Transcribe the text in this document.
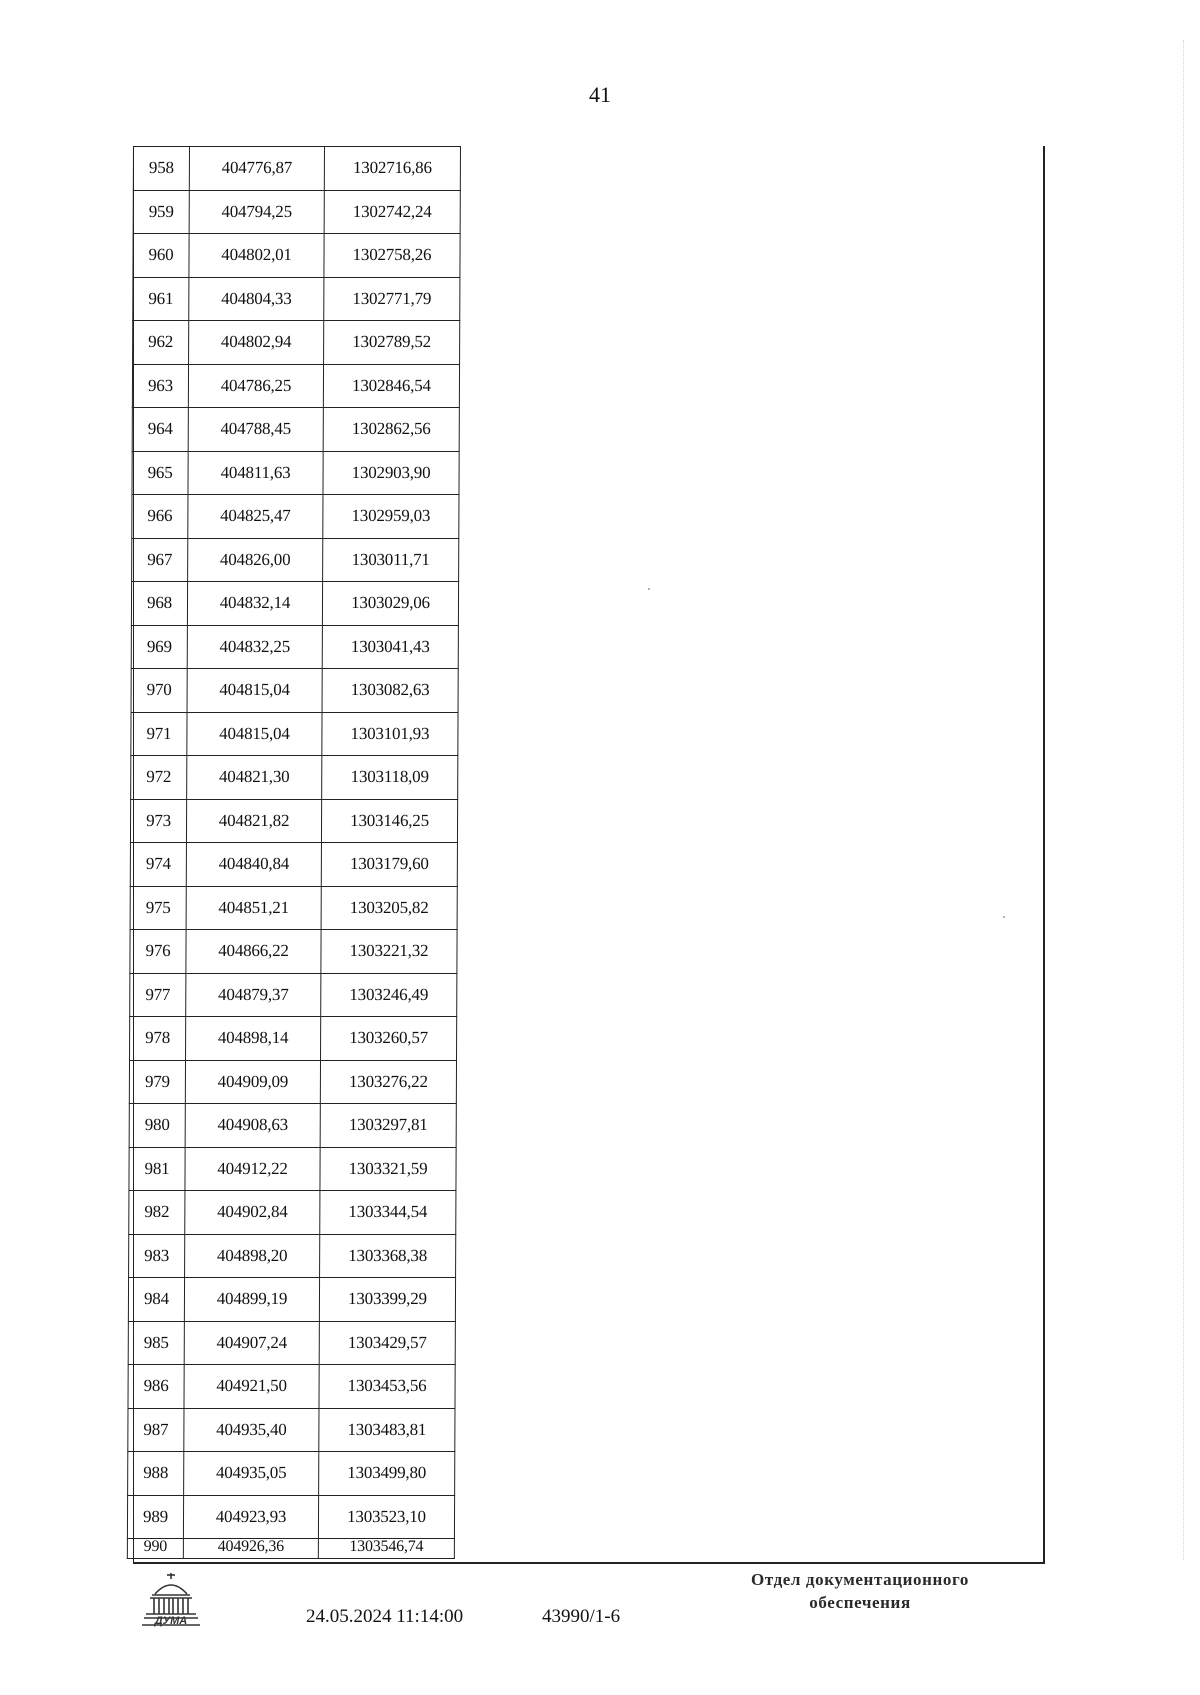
41
958	404776,87	1302716,86
959	404794,25	1302742,24
960	404802,01	1302758,26
961	404804,33	1302771,79
962	404802,94	1302789,52
963	404786,25	1302846,54
964	404788,45	1302862,56
965	404811,63	1302903,90
966	404825,47	1302959,03
967	404826,00	1303011,71
968	404832,14	1303029,06
969	404832,25	1303041,43
970	404815,04	1303082,63
971	404815,04	1303101,93
972	404821,30	1303118,09
973	404821,82	1303146,25
974	404840,84	1303179,60
975	404851,21	1303205,82
976	404866,22	1303221,32
977	404879,37	1303246,49
978	404898,14	1303260,57
979	404909,09	1303276,22
980	404908,63	1303297,81
981	404912,22	1303321,59
982	404902,84	1303344,54
983	404898,20	1303368,38
984	404899,19	1303399,29
985	404907,24	1303429,57
986	404921,50	1303453,56
987	404935,40	1303483,81
988	404935,05	1303499,80
989	404923,93	1303523,10
990	404926,36	1303546,74
ДУМА	24.05.2024 11:14:00	43990/1-6
Отдел документационного
обеспечения
